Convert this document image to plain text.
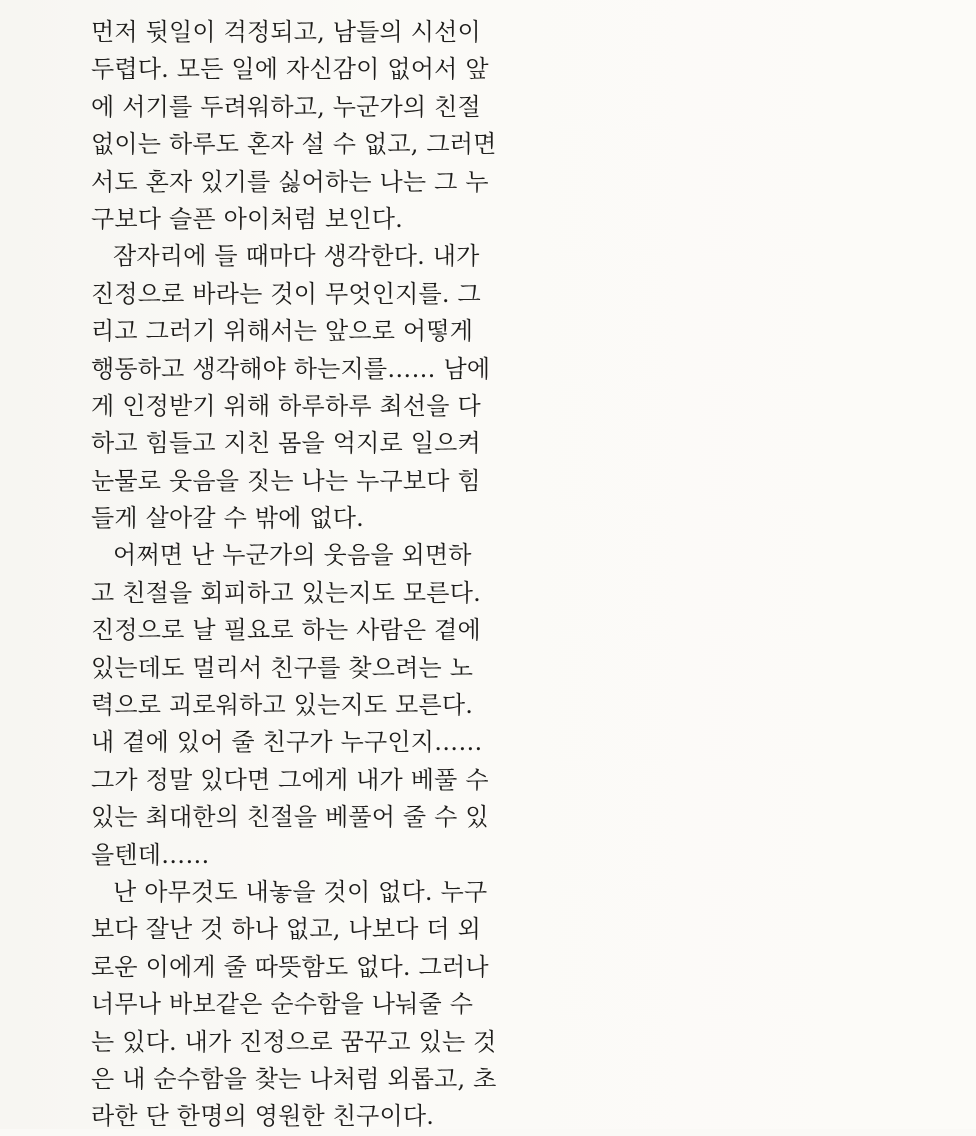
먼저 뒷일이 걱정되고, 남들의 시선이
두렵다. 모든 일에 자신감이 없어서 앞
에 서기를 두려워하고, 누군가의 친절
없이는 하루도 혼자 설 수 없고, 그러면
서도 혼자 있기를 싫어하는 나는 그 누
구보다 슬픈 아이처럼 보인다.
잠자리에 들 때마다 생각한다. 내가
진정으로 바라는 것이 무엇인지를. 그
리고 그러기 위해서는 앞으로 어떻게
행동하고 생각해야 하는지를…… 남에
게 인정받기 위해 하루하루 최선을 다
하고 힘들고 지친 몸을 억지로 일으켜
눈물로 웃음을 짓는 나는 누구보다 힘
들게 살아갈 수 밖에 없다.
어쩌면 난 누군가의 웃음을 외면하
고 친절을 회피하고 있는지도 모른다.
진정으로 날 필요로 하는 사람은 곁에
있는데도 멀리서 친구를 찾으려는 노
력으로 괴로워하고 있는지도 모른다.
내 곁에 있어 줄 친구가 누구인지……
그가 정말 있다면 그에게 내가 베풀 수
있는 최대한의 친절을 베풀어 줄 수 있
을텐데……
난 아무것도 내놓을 것이 없다. 누구
보다 잘난 것 하나 없고, 나보다 더 외
로운 이에게 줄 따뜻함도 없다. 그러나
너무나 바보같은 순수함을 나눠줄 수
는 있다. 내가 진정으로 꿈꾸고 있는 것
은 내 순수함을 찾는 나처럼 외롭고, 초
라한 단 한명의 영원한 친구이다.
